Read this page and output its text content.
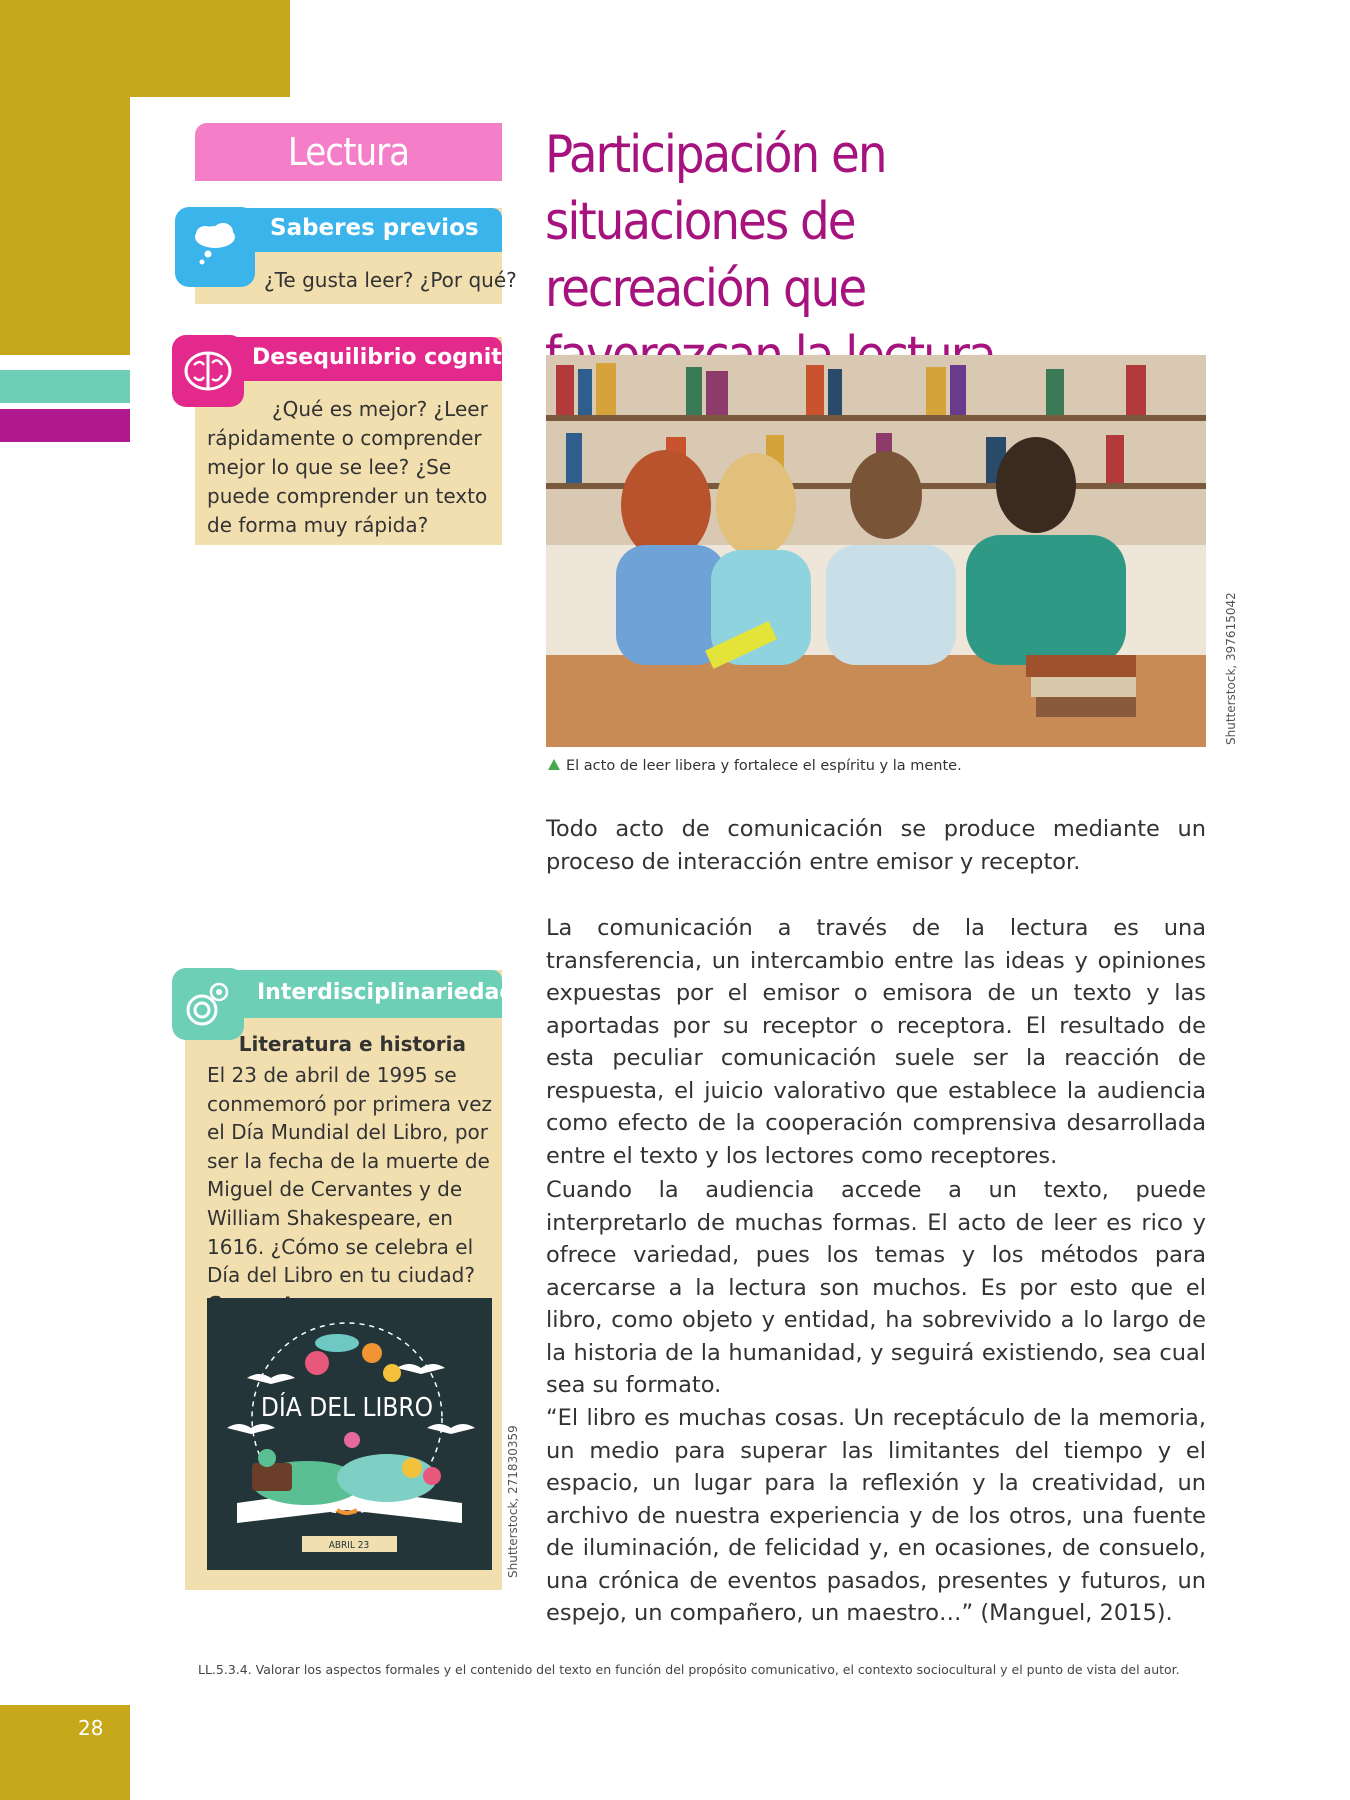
28
Lectura
Saberes previos
¿Te gusta leer? ¿Por qué?
Desequilibrio cognitivo
¿Qué es mejor? ¿Leer rápidamente o comprender mejor lo que se lee? ¿Se puede comprender un texto de forma muy rápida?
Interdisciplinariedad
Literatura e historia
El 23 de abril de 1995 se conmemoró por primera vez el Día Mundial del Libro, por ser la fecha de la muerte de Miguel de Cervantes y de William Shakespeare, en 1616. ¿Cómo se celebra el Día del Libro en tu ciudad?
DÍA DEL LIBRO
ABRIL 23	Shutterstock, 271830359
Participación en situaciones de recreación que
Shutterstock, 397615042
El acto de leer libera y fortalece el espíritu y la mente.
Todo acto de comunicación se produce mediante un proceso de interacción entre emisor y receptor.
La comunicación a través de la lectura es una transferencia, un intercambio entre las ideas y opiniones expuestas por el emisor o emisora de un texto y las aportadas por su receptor o receptora. El resultado de esta peculiar comunicación suele ser la reacción de respuesta, el juicio valorativo que establece la audiencia como efecto de la cooperación comprensiva desarrollada entre el texto y los lectores como receptores.
Cuando la audiencia accede a un texto, puede interpretarlo de muchas formas. El acto de leer es rico y ofrece variedad, pues los temas y los métodos para acercarse a la lectura son muchos. Es por esto que el libro, como objeto y entidad, ha sobrevivido a lo largo de la historia de la humanidad, y seguirá existiendo, sea cual sea su formato.
“El libro es muchas cosas. Un receptáculo de la memoria, un medio para superar las limitantes del tiempo y el espacio, un lugar para la reflexión y la creatividad, un archivo de nuestra experiencia y de los otros, una fuente de iluminación, de felicidad y, en ocasiones, de consuelo, una crónica de eventos pasados, presentes y futuros, un espejo, un compañero, un maestro…” (Manguel, 2015).
LL.5.3.4. Valorar los aspectos formales y el contenido del texto en función del propósito comunicativo, el contexto sociocultural y el punto de vista del autor.
